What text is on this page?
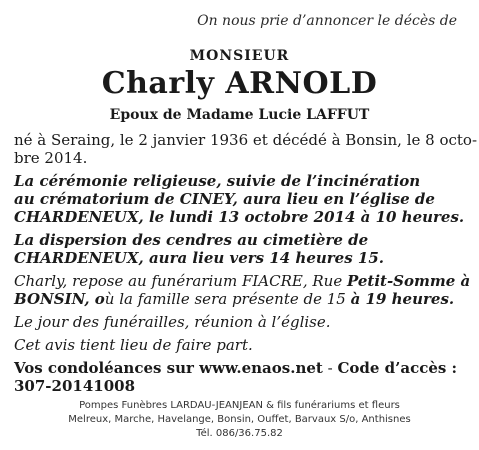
On nous prie d’annoncer le décès de
MONSIEUR
Charly ARNOLD
Epoux de Madame Lucie LAFFUT
né à Seraing, le 2 janvier 1936 et décédé à Bonsin, le 8 octo-
bre 2014.
La cérémonie religieuse, suivie de l’incinération
au crématorium de CINEY, aura lieu en l’église de
CHARDENEUX, le lundi 13 octobre 2014 à 10 heures.
La dispersion des cendres au cimetière de
CHARDENEUX, aura lieu vers 14 heures 15.
Charly, repose au funérarium FIACRE, Rue Petit-Somme à
BONSIN, où la famille sera présente de 15 à 19 heures.
Le jour des funérailles, réunion à l’église.
Cet avis tient lieu de faire part.
Vos condoléances sur www.enaos.net - Code d’accès :
307-20141008
Pompes Funèbres LARDAU-JEANJEAN & fils funérariums et fleurs
Melreux, Marche, Havelange, Bonsin, Ouffet, Barvaux S/o, Anthisnes
Tél. 086/36.75.82
